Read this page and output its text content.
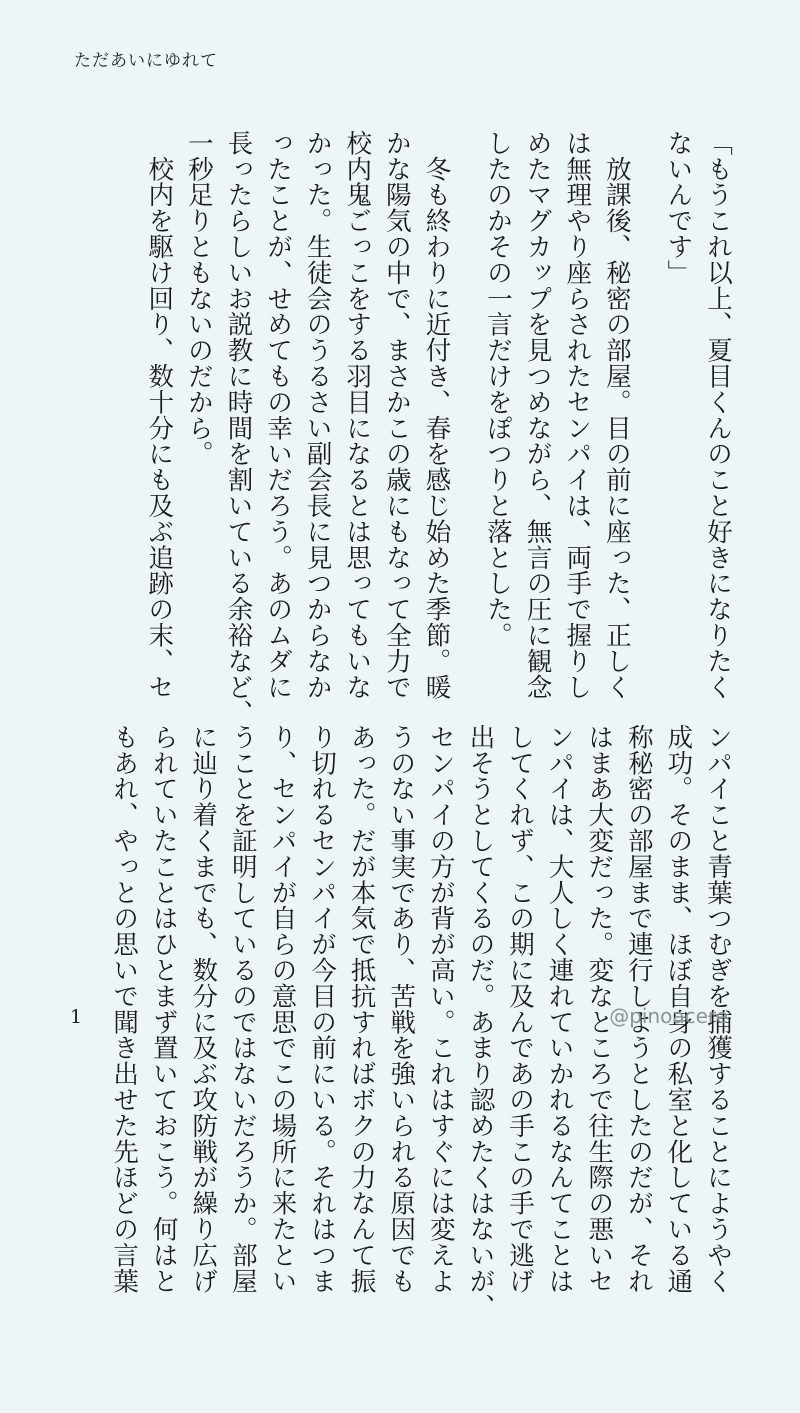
ただあいにゆれて
「もうこれ以上、夏目くんのこと好きになりたく
ないんです」
　放課後、秘密の部屋。目の前に座った、正しく
は無理やり座らされたセンパイは、両手で握りし
めたマグカップを見つめながら、無言の圧に観念
したのかその一言だけをぽつりと落とした。
　冬も終わりに近付き、春を感じ始めた季節。暖
かな陽気の中で、まさかこの歳にもなって全力で
校内鬼ごっこをする羽目になるとは思ってもいな
かった。生徒会のうるさい副会長に見つからなか
ったことが、せめてもの幸いだろう。あのムダに
長ったらしいお説教に時間を割いている余裕など、
一秒足りともないのだから。
　校内を駆け回り、数十分にも及ぶ追跡の末、セ
ンパイこと青葉つむぎを捕獲することにようやく
成功。そのまま、ほぼ自身の私室と化している通
称秘密の部屋まで連行しようとしたのだが、それ
はまあ大変だった。変なところで往生際の悪いセ
ンパイは、大人しく連れていかれるなんてことは
してくれず、この期に及んであの手この手で逃げ
出そうとしてくるのだ。あまり認めたくはないが、
センパイの方が背が高い。これはすぐには変えよ
うのない事実であり、苦戦を強いられる原因でも
あった。だが本気で抵抗すればボクの力なんて振
り切れるセンパイが今目の前にいる。それはつま
り、センパイが自らの意思でこの場所に来たとい
うことを証明しているのではないだろうか。部屋
に辿り着くまでも、数分に及ぶ攻防戦が繰り広げ
られていたことはひとまず置いておこう。何はと
もあれ、やっとの思いで聞き出せた先ほどの言葉
1	@pinoacere
